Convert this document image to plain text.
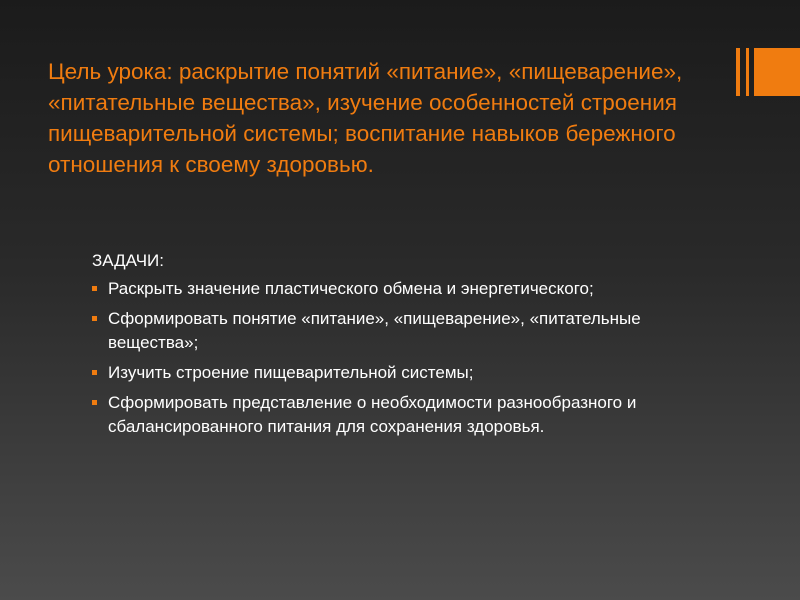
Цель урока: раскрытие понятий «питание», «пищеварение», «питательные вещества», изучение особенностей строения пищеварительной системы; воспитание навыков бережного отношения к своему здоровью.

ЗАДАЧИ:

Раскрыть значение пластического обмена и энергетического;
Сформировать понятие «питание», «пищеварение», «питательные вещества»;
Изучить строение пищеварительной системы;
Сформировать представление о необходимости разнообразного и сбалансированного питания для сохранения здоровья.
